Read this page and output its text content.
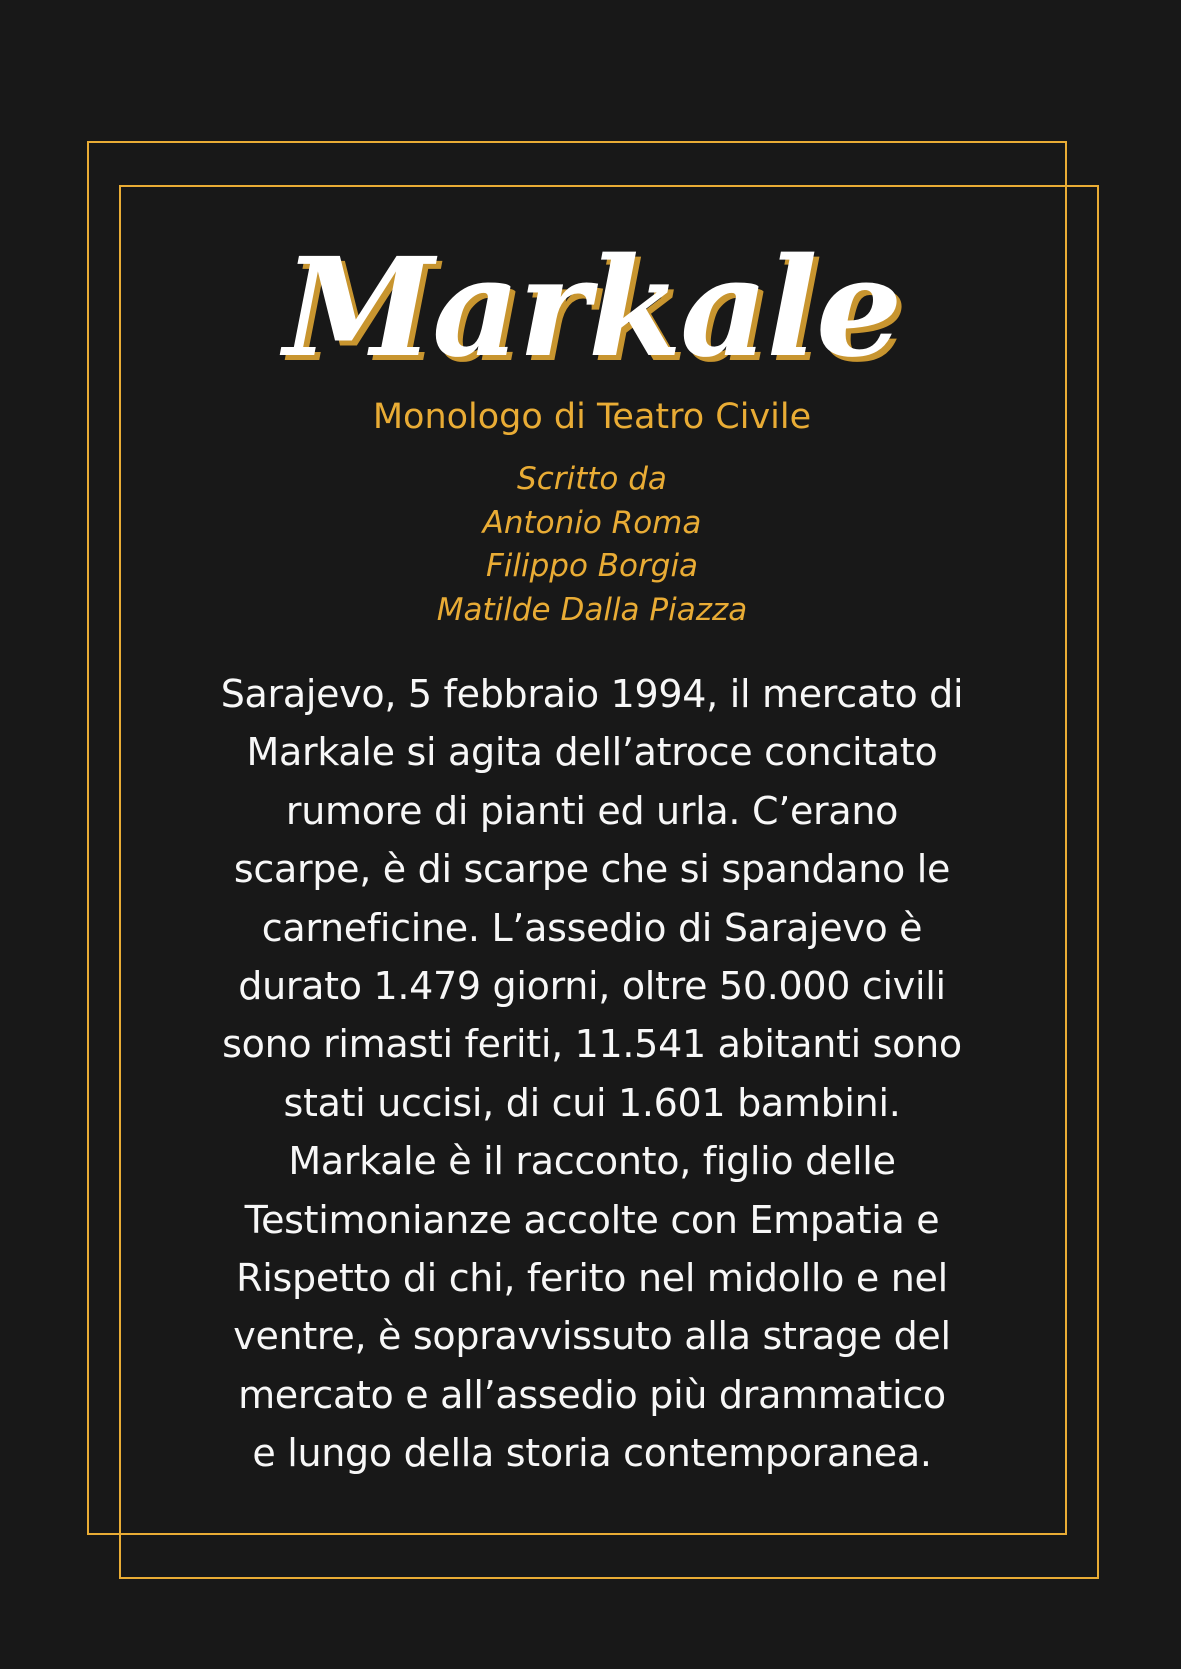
Markale
Monologo di Teatro Civile
Scritto da
Antonio Roma
Filippo Borgia
Matilde Dalla Piazza

Sarajevo, 5 febbraio 1994, il mercato di
Markale si agita dell’atroce concitato
rumore di pianti ed urla. C’erano
scarpe, è di scarpe che si spandano le
carneficine. L’assedio di Sarajevo è
durato 1.479 giorni, oltre 50.000 civili
sono rimasti feriti, 11.541 abitanti sono
stati uccisi, di cui 1.601 bambini.
Markale è il racconto, figlio delle
Testimonianze accolte con Empatia e
Rispetto di chi, ferito nel midollo e nel
ventre, è sopravvissuto alla strage del
mercato e all’assedio più drammatico
e lungo della storia contemporanea.
